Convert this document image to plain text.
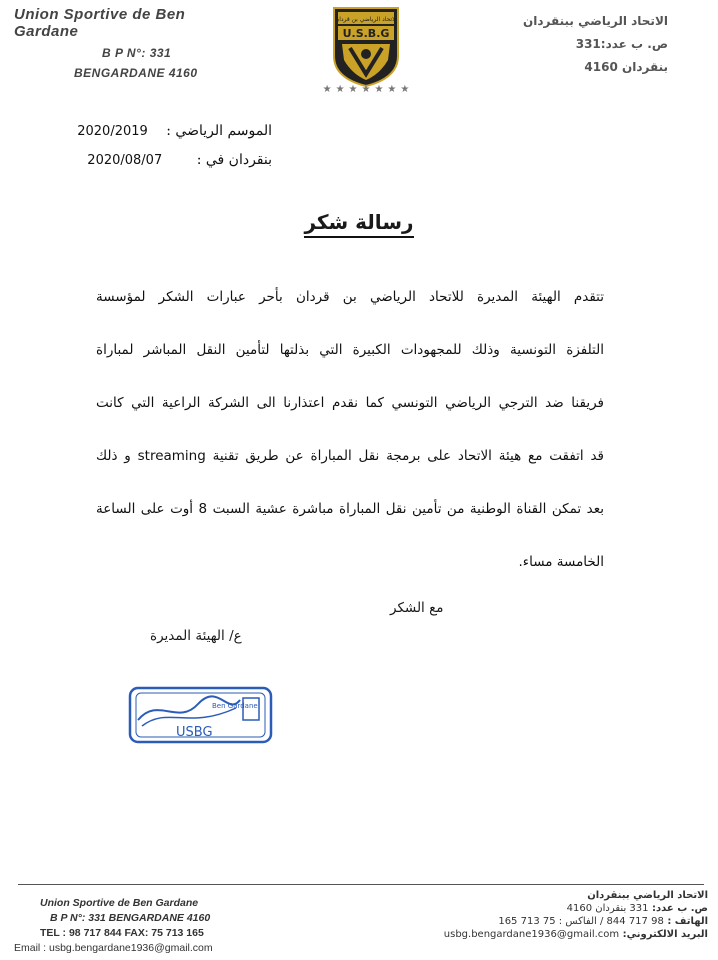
Union Sportive de Ben Gardane
B P N°: 331
BENGARDANE 4160
الاتحاد الرياضي بن قردان
U.S.B.G
★★★★★★★
الاتحاد الرياضي ببنقردان
ص. ب عدد:331
بنقردان 4160
الموسم الرياضي : 2020/2019
بنقردان في : 2020/08/07
رسالة شكر

تتقدم الهيئة المديرة للاتحاد الرياضي بن قردان بأحر عبارات الشكر لمؤسسة

التلفزة التونسية وذلك للمجهودات الكبيرة التي بذلتها لتأمين النقل المباشر لمباراة

فريقنا ضد الترجي الرياضي التونسي كما نقدم اعتذارنا الى الشركة الراعية التي كانت

قد اتفقت مع هيئة الاتحاد على برمجة نقل المباراة عن طريق تقنية streaming و ذلك

بعد تمكن القناة الوطنية من تأمين نقل المباراة مباشرة عشية السبت 8 أوت على الساعة

الخامسة مساء.

مع الشكر
ع/ الهيئة المديرة
Ben Gardane
USBG
Union Sportive de Ben Gardane
B P N°: 331 BENGARDANE 4160
TEL : 98 717 844 FAX: 75 713 165
Email : usbg.bengardane1936@gmail.com
الاتحاد الرياضي ببنقردان
ص. ب عدد: 331 بنقردان 4160
الهاتف : 98 717 844 / الفاكس : 75 713 165
البريد الالكتروني: usbg.bengardane1936@gmail.com
